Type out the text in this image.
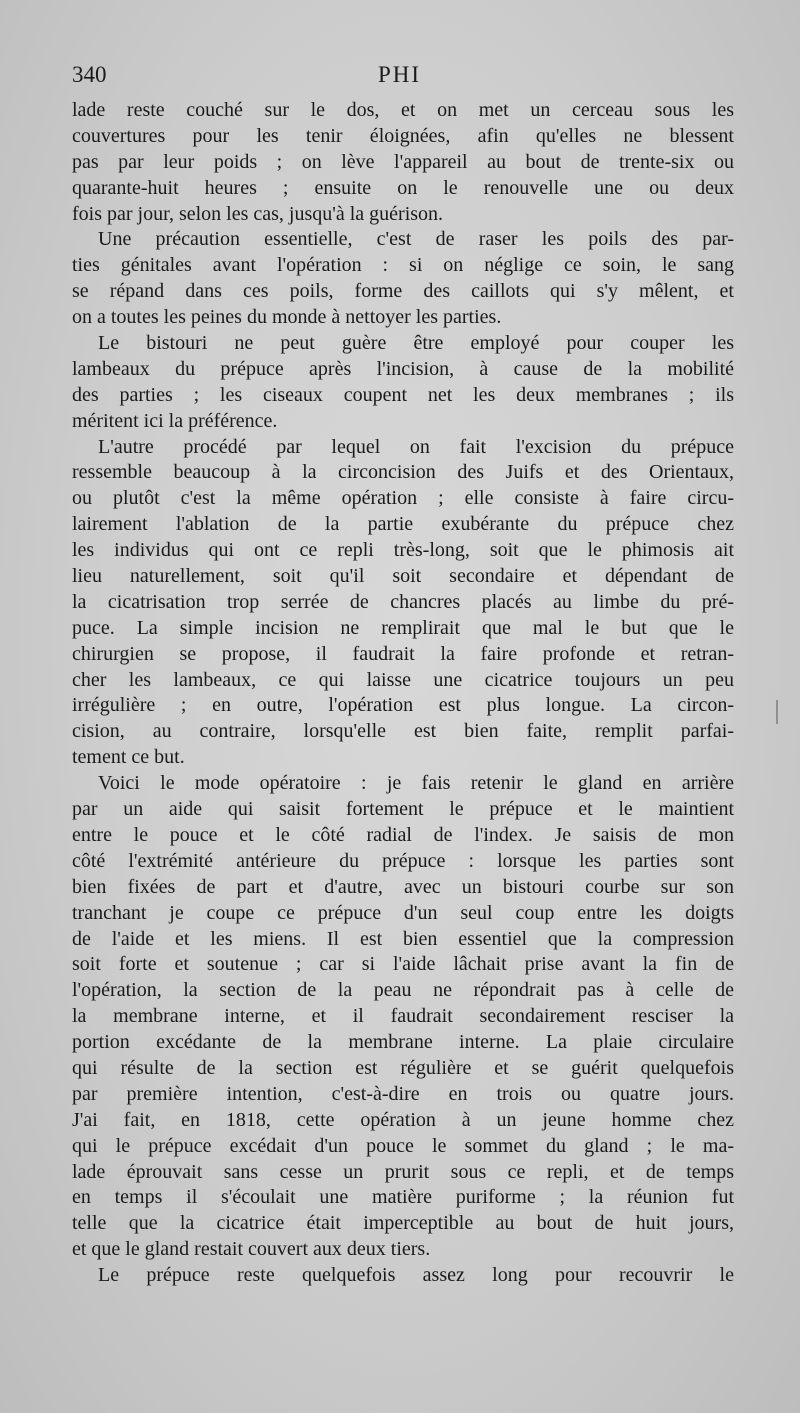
340	PHI
lade reste couché sur le dos, et on met un cerceau sous les
couvertures pour les tenir éloignées, afin qu'elles ne blessent
pas par leur poids ; on lève l'appareil au bout de trente-six ou
quarante-huit heures ; ensuite on le renouvelle une ou deux
fois par jour, selon les cas, jusqu'à la guérison.
Une précaution essentielle, c'est de raser les poils des par-
ties génitales avant l'opération : si on néglige ce soin, le sang
se répand dans ces poils, forme des caillots qui s'y mêlent, et
on a toutes les peines du monde à nettoyer les parties.
Le bistouri ne peut guère être employé pour couper les
lambeaux du prépuce après l'incision, à cause de la mobilité
des parties ; les ciseaux coupent net les deux membranes ; ils
méritent ici la préférence.
L'autre procédé par lequel on fait l'excision du prépuce
ressemble beaucoup à la circoncision des Juifs et des Orientaux,
ou plutôt c'est la même opération ; elle consiste à faire circu-
lairement l'ablation de la partie exubérante du prépuce chez
les individus qui ont ce repli très-long, soit que le phimosis ait
lieu naturellement, soit qu'il soit secondaire et dépendant de
la cicatrisation trop serrée de chancres placés au limbe du pré-
puce. La simple incision ne remplirait que mal le but que le
chirurgien se propose, il faudrait la faire profonde et retran-
cher les lambeaux, ce qui laisse une cicatrice toujours un peu
irrégulière ; en outre, l'opération est plus longue. La circon-
cision, au contraire, lorsqu'elle est bien faite, remplit parfai-
tement ce but.
Voici le mode opératoire : je fais retenir le gland en arrière
par un aide qui saisit fortement le prépuce et le maintient
entre le pouce et le côté radial de l'index. Je saisis de mon
côté l'extrémité antérieure du prépuce : lorsque les parties sont
bien fixées de part et d'autre, avec un bistouri courbe sur son
tranchant je coupe ce prépuce d'un seul coup entre les doigts
de l'aide et les miens. Il est bien essentiel que la compression
soit forte et soutenue ; car si l'aide lâchait prise avant la fin de
l'opération, la section de la peau ne répondrait pas à celle de
la membrane interne, et il faudrait secondairement resciser la
portion excédante de la membrane interne. La plaie circulaire
qui résulte de la section est régulière et se guérit quelquefois
par première intention, c'est-à-dire en trois ou quatre jours.
J'ai fait, en 1818, cette opération à un jeune homme chez
qui le prépuce excédait d'un pouce le sommet du gland ; le ma-
lade éprouvait sans cesse un prurit sous ce repli, et de temps
en temps il s'écoulait une matière puriforme ; la réunion fut
telle que la cicatrice était imperceptible au bout de huit jours,
et que le gland restait couvert aux deux tiers.
Le prépuce reste quelquefois assez long pour recouvrir le
